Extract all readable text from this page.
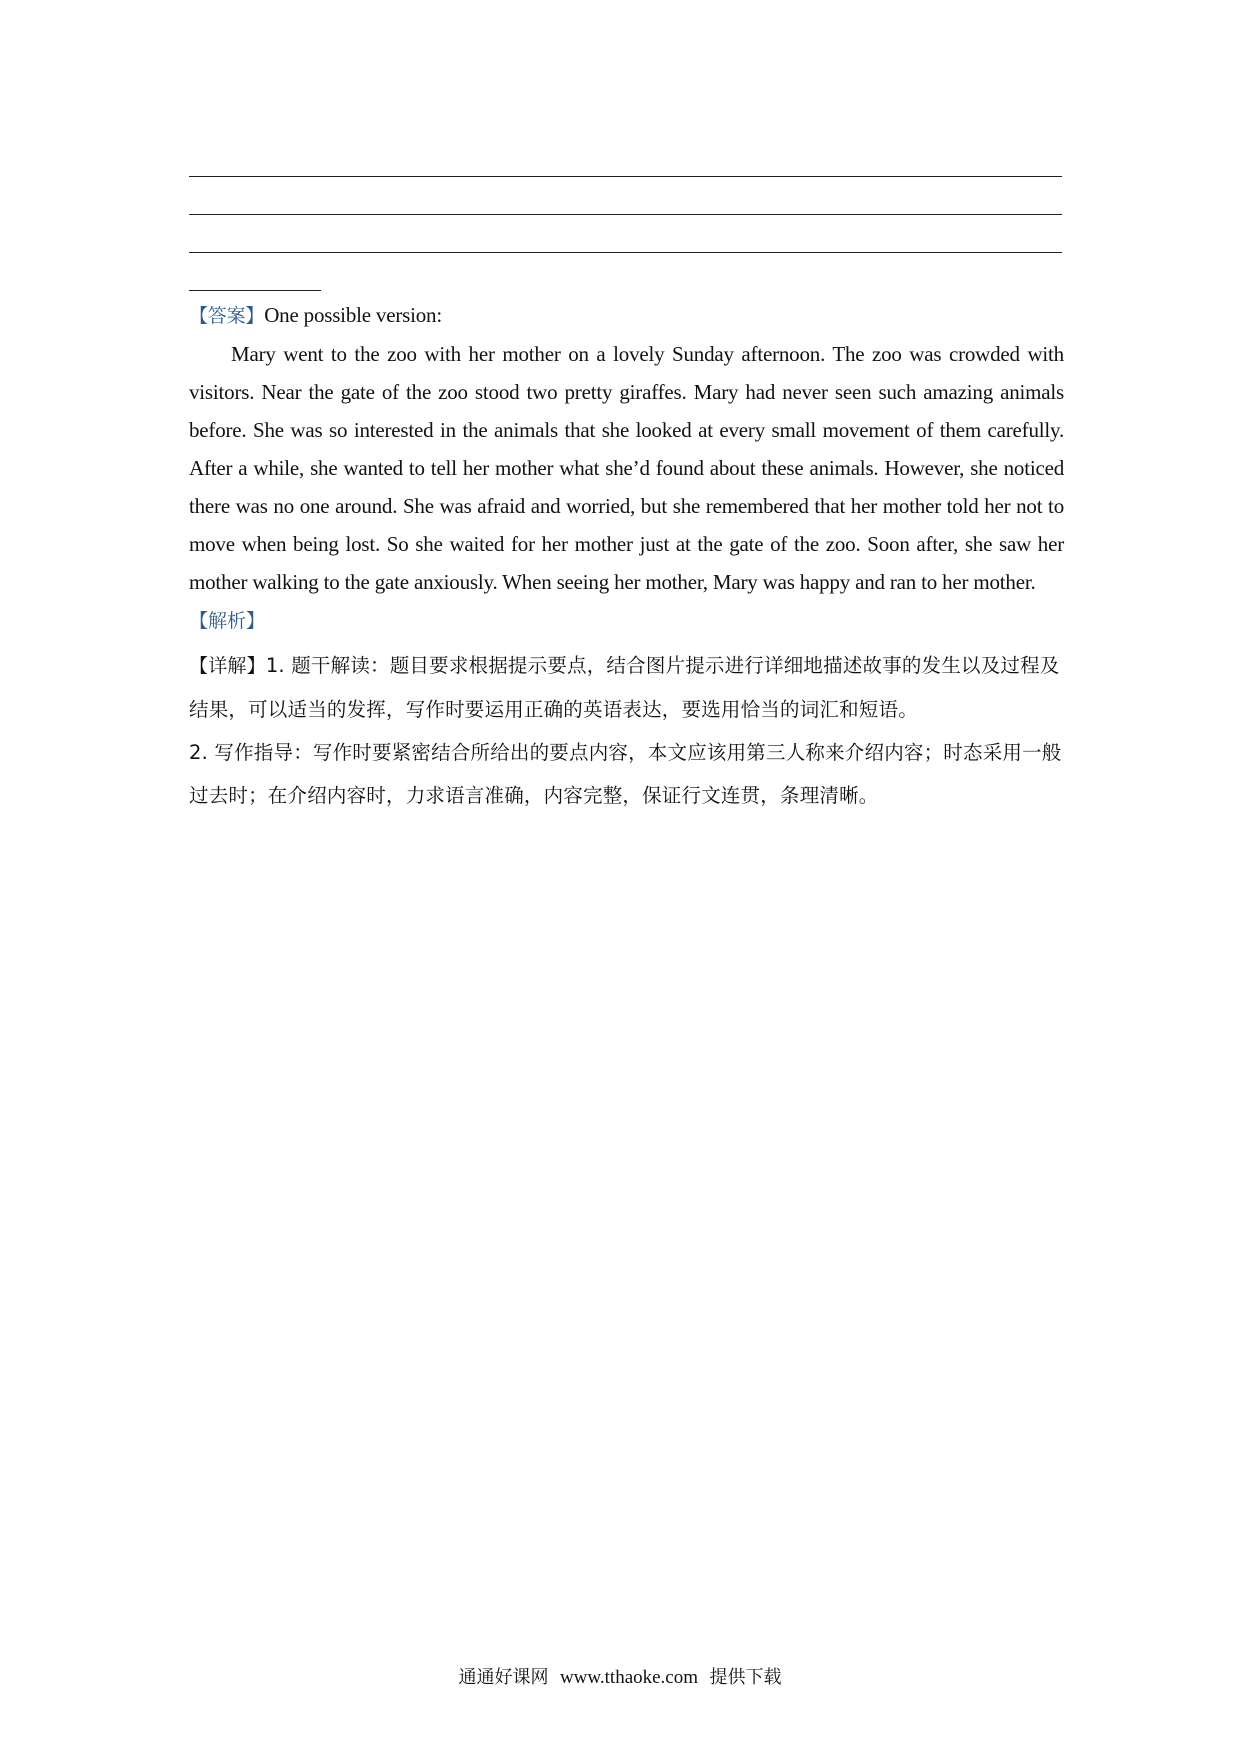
【答案】One possible version:

Mary went to the zoo with her mother on a lovely Sunday afternoon. The zoo was crowded with visitors. Near the gate of the zoo stood two pretty giraffes. Mary had never seen such amazing animals before. She was so interested in the animals that she looked at every small movement of them carefully. After a while, she wanted to tell her mother what she’d found about these animals. However, she noticed there was no one around. She was afraid and worried, but she remembered that her mother told her not to move when being lost. So she waited for her mother just at the gate of the zoo. Soon after, she saw her mother walking to the gate anxiously. When seeing her mother, Mary was happy and ran to her mother.

【解析】

【详解】1. 题干解读：题目要求根据提示要点，结合图片提示进行详细地描述故事的发生以及过程及结果，可以适当的发挥，写作时要运用正确的英语表达，要选用恰当的词汇和短语。
2. 写作指导：写作时要紧密结合所给出的要点内容，本文应该用第三人称来介绍内容；时态采用一般过去时；在介绍内容时，力求语言准确，内容完整，保证行文连贯，条理清晰。
通通好课网 www.tthaoke.com 提供下载
